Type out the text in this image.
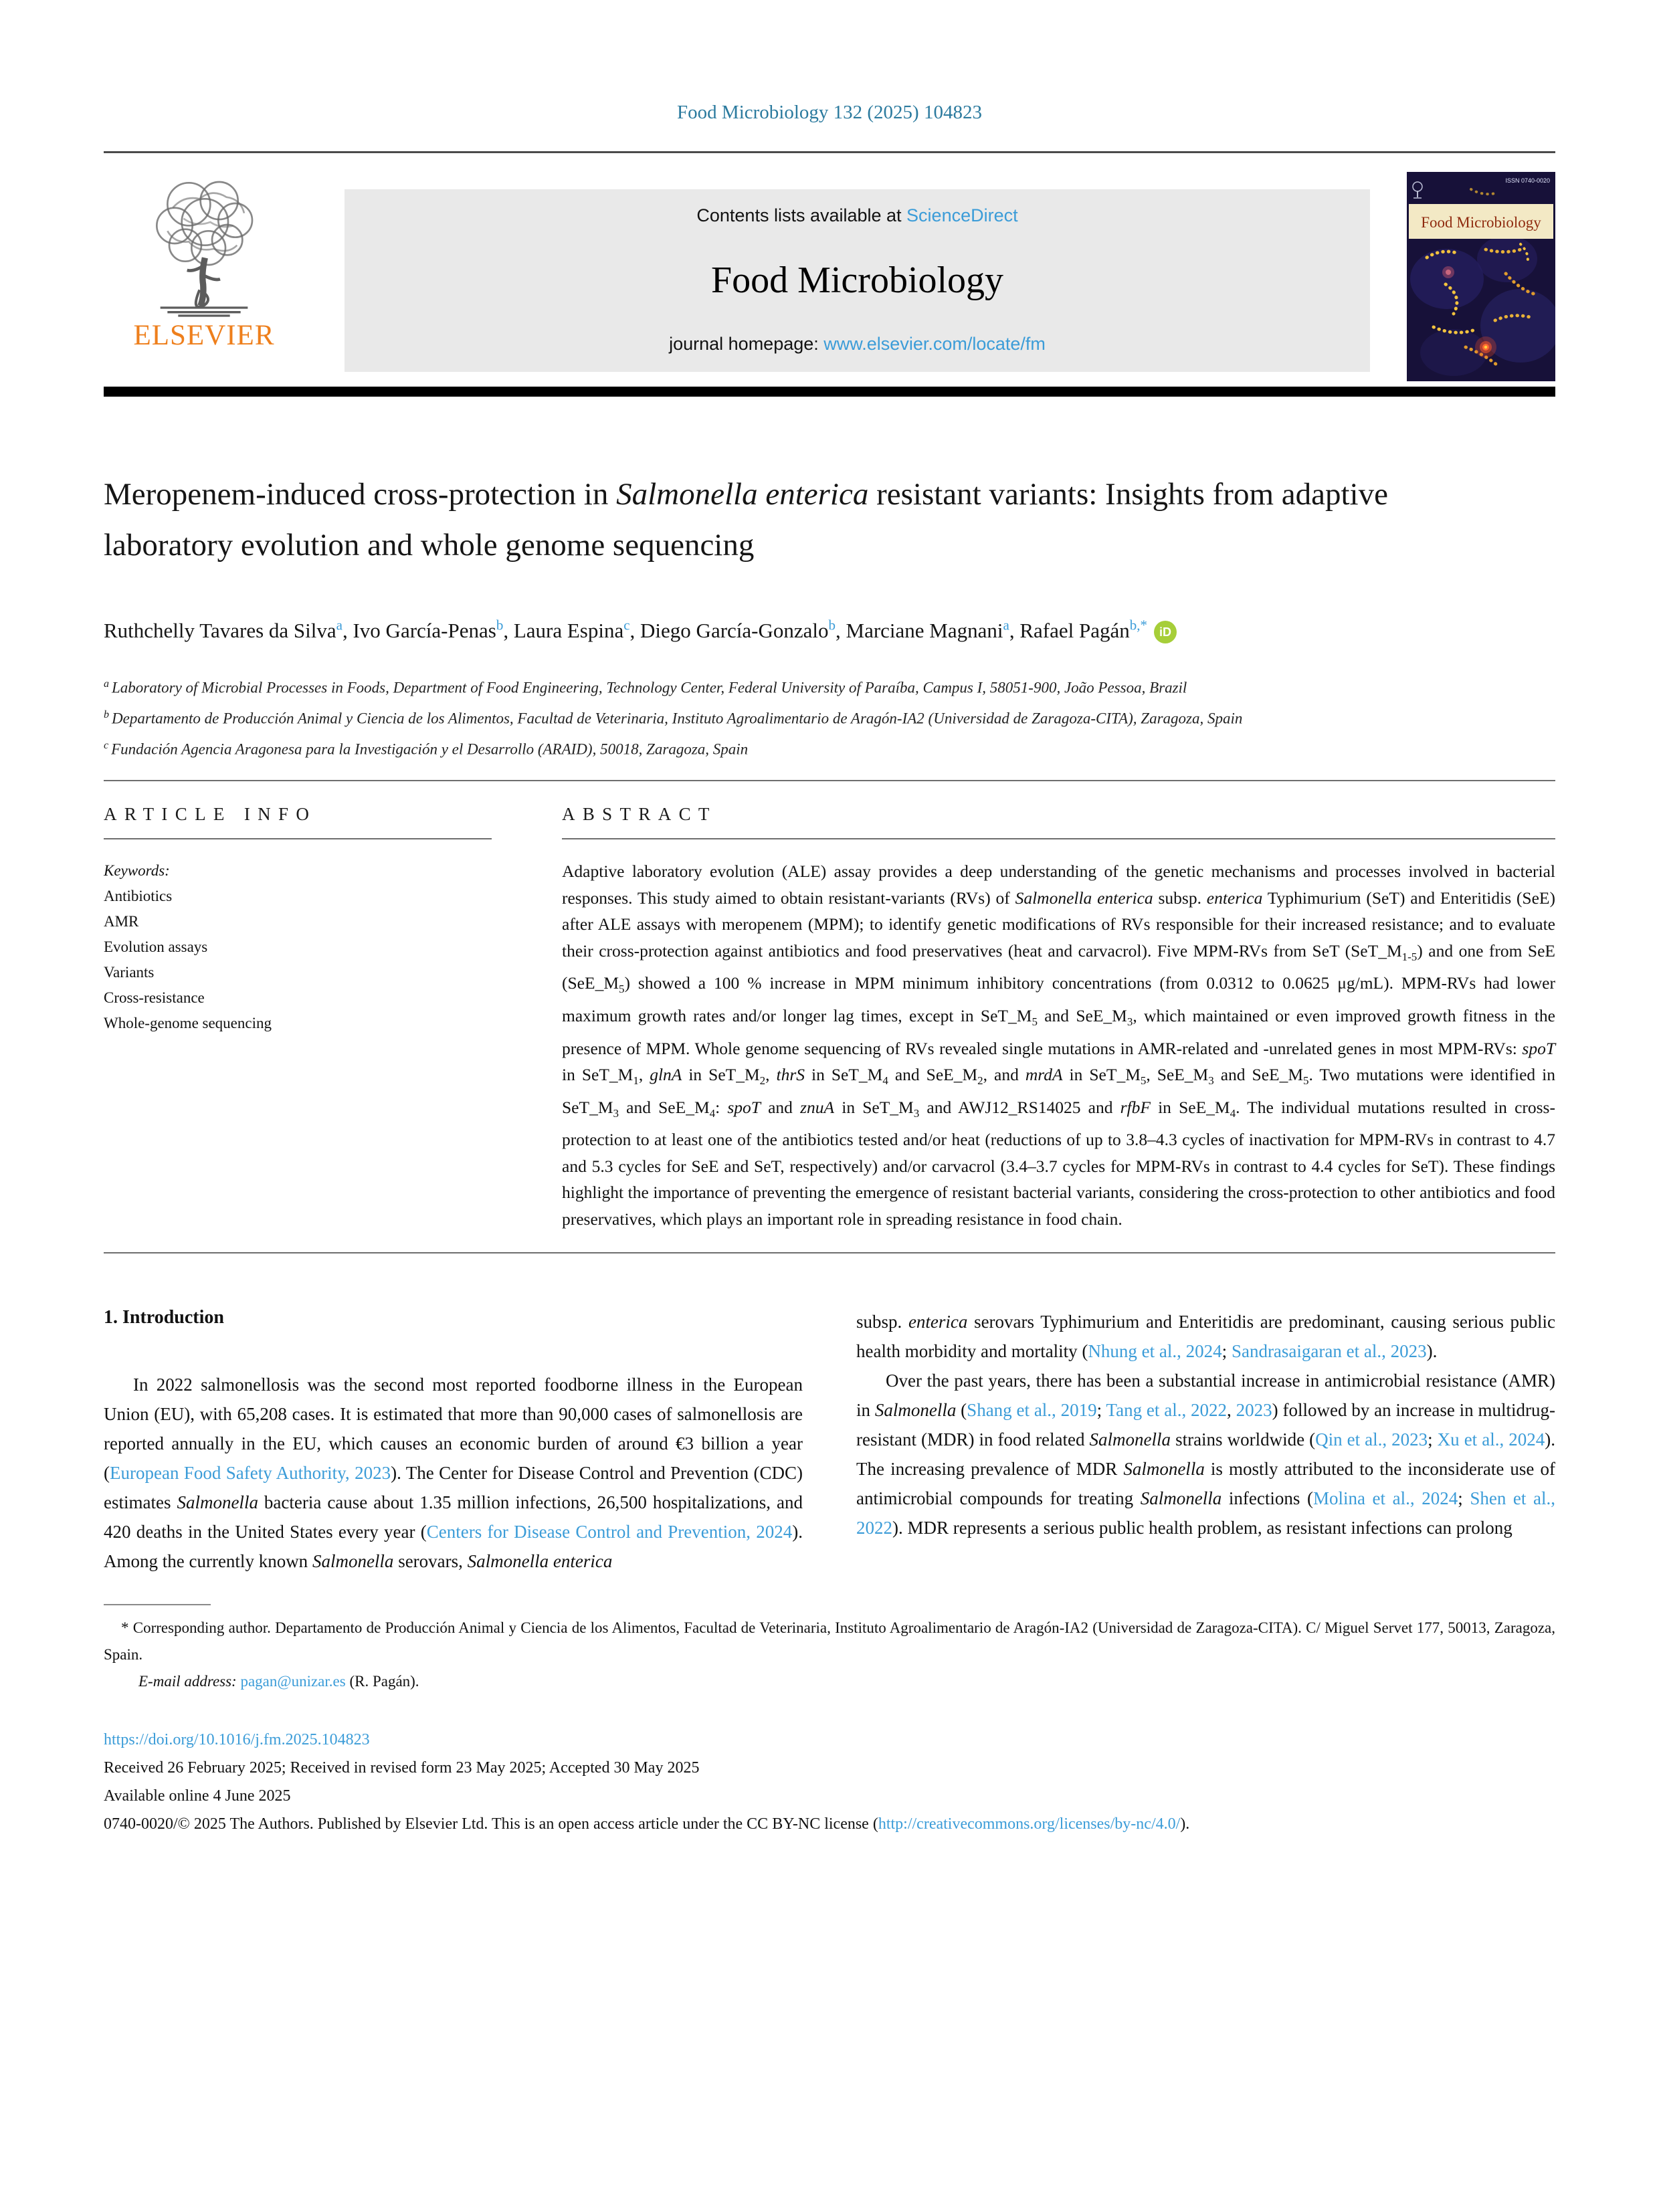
Food Microbiology 132 (2025) 104823
ELSEVIER
Contents lists available at ScienceDirect
Food Microbiology
journal homepage: www.elsevier.com/locate/fm
ISSN 0740-0020
Food Microbiology
Meropenem-induced cross-protection in Salmonella enterica resistant variants: Insights from adaptive laboratory evolution and whole genome sequencing
Ruthchelly Tavares da Silva$^a$, Ivo García-Penas$^b$, Laura Espina$^c$, Diego García-Gonzalo$^b$, Marciane Magnani$^a$, Rafael Pagán$^{b,*}$ iD
$^a$ Laboratory of Microbial Processes in Foods, Department of Food Engineering, Technology Center, Federal University of Paraíba, Campus I, 58051-900, João Pessoa, Brazil
$^b$ Departamento de Producción Animal y Ciencia de los Alimentos, Facultad de Veterinaria, Instituto Agroalimentario de Aragón-IA2 (Universidad de Zaragoza-CITA), Zaragoza, Spain
$^c$ Fundación Agencia Aragonesa para la Investigación y el Desarrollo (ARAID), 50018, Zaragoza, Spain
ARTICLE INFO
Keywords:
Antibiotics
AMR
Evolution assays
Variants
Cross-resistance
Whole-genome sequencing
ABSTRACT

Adaptive laboratory evolution (ALE) assay provides a deep understanding of the genetic mechanisms and processes involved in bacterial responses. This study aimed to obtain resistant-variants (RVs) of Salmonella enterica subsp. enterica Typhimurium (SeT) and Enteritidis (SeE) after ALE assays with meropenem (MPM); to identify genetic modifications of RVs responsible for their increased resistance; and to evaluate their cross-protection against antibiotics and food preservatives (heat and carvacrol). Five MPM-RVs from SeT $(SeT\_M_{1-5})$ and one from SeE $(SeE\_M_5)$ showed a 100 % increase in MPM minimum inhibitory concentrations (from 0.0312 to 0.0625 μg/mL). MPM-RVs had lower maximum growth rates and/or longer lag times, except in $SeT\_M_5$ and $SeE\_M_3$, which maintained or even improved growth fitness in the presence of MPM. Whole genome sequencing of RVs revealed single mutations in AMR-related and -unrelated genes in most MPM-RVs: spoT in $SeT\_M_1$, glnA in $SeT\_M_2$, thrS in $SeT\_M_4$ and $SeE\_M_2$, and mrdA in $SeT\_M_5$, $SeE\_M_3$ and $SeE\_M_5$. Two mutations were identified in $SeT\_M_3$ and $SeE\_M_4$: spoT and znuA in $SeT\_M_3$ and AWJ12_RS14025 and rfbF in $SeE\_M_4$. The individual mutations resulted in cross-protection to at least one of the antibiotics tested and/or heat (reductions of up to 3.8–4.3 cycles of inactivation for MPM-RVs in contrast to 4.7 and 5.3 cycles for SeE and SeT, respectively) and/or carvacrol (3.4–3.7 cycles for MPM-RVs in contrast to 4.4 cycles for SeT). These findings highlight the importance of preventing the emergence of resistant bacterial variants, considering the cross-protection to other antibiotics and food preservatives, which plays an important role in spreading resistance in food chain.

1. Introduction

In 2022 salmonellosis was the second most reported foodborne illness in the European Union (EU), with 65,208 cases. It is estimated that more than 90,000 cases of salmonellosis are reported annually in the EU, which causes an economic burden of around €3 billion a year (European Food Safety Authority, 2023). The Center for Disease Control and Prevention (CDC) estimates Salmonella bacteria cause about 1.35 million infections, 26,500 hospitalizations, and 420 deaths in the United States every year (Centers for Disease Control and Prevention, 2024). Among the currently known Salmonella serovars, Salmonella enterica

subsp. enterica serovars Typhimurium and Enteritidis are predominant, causing serious public health morbidity and mortality (Nhung et al., 2024; Sandrasaigaran et al., 2023).

Over the past years, there has been a substantial increase in antimicrobial resistance (AMR) in Salmonella (Shang et al., 2019; Tang et al., 2022, 2023) followed by an increase in multidrug-resistant (MDR) in food related Salmonella strains worldwide (Qin et al., 2023; Xu et al., 2024). The increasing prevalence of MDR Salmonella is mostly attributed to the inconsiderate use of antimicrobial compounds for treating Salmonella infections (Molina et al., 2024; Shen et al., 2022). MDR represents a serious public health problem, as resistant infections can prolong

* Corresponding author. Departamento de Producción Animal y Ciencia de los Alimentos, Facultad de Veterinaria, Instituto Agroalimentario de Aragón-IA2 (Universidad de Zaragoza-CITA). C/ Miguel Servet 177, 50013, Zaragoza, Spain.

E-mail address: pagan@unizar.es (R. Pagán).

https://doi.org/10.1016/j.fm.2025.104823

Received 26 February 2025; Received in revised form 23 May 2025; Accepted 30 May 2025

Available online 4 June 2025

0740-0020/© 2025 The Authors. Published by Elsevier Ltd. This is an open access article under the CC BY-NC license (http://creativecommons.org/licenses/by-nc/4.0/).
